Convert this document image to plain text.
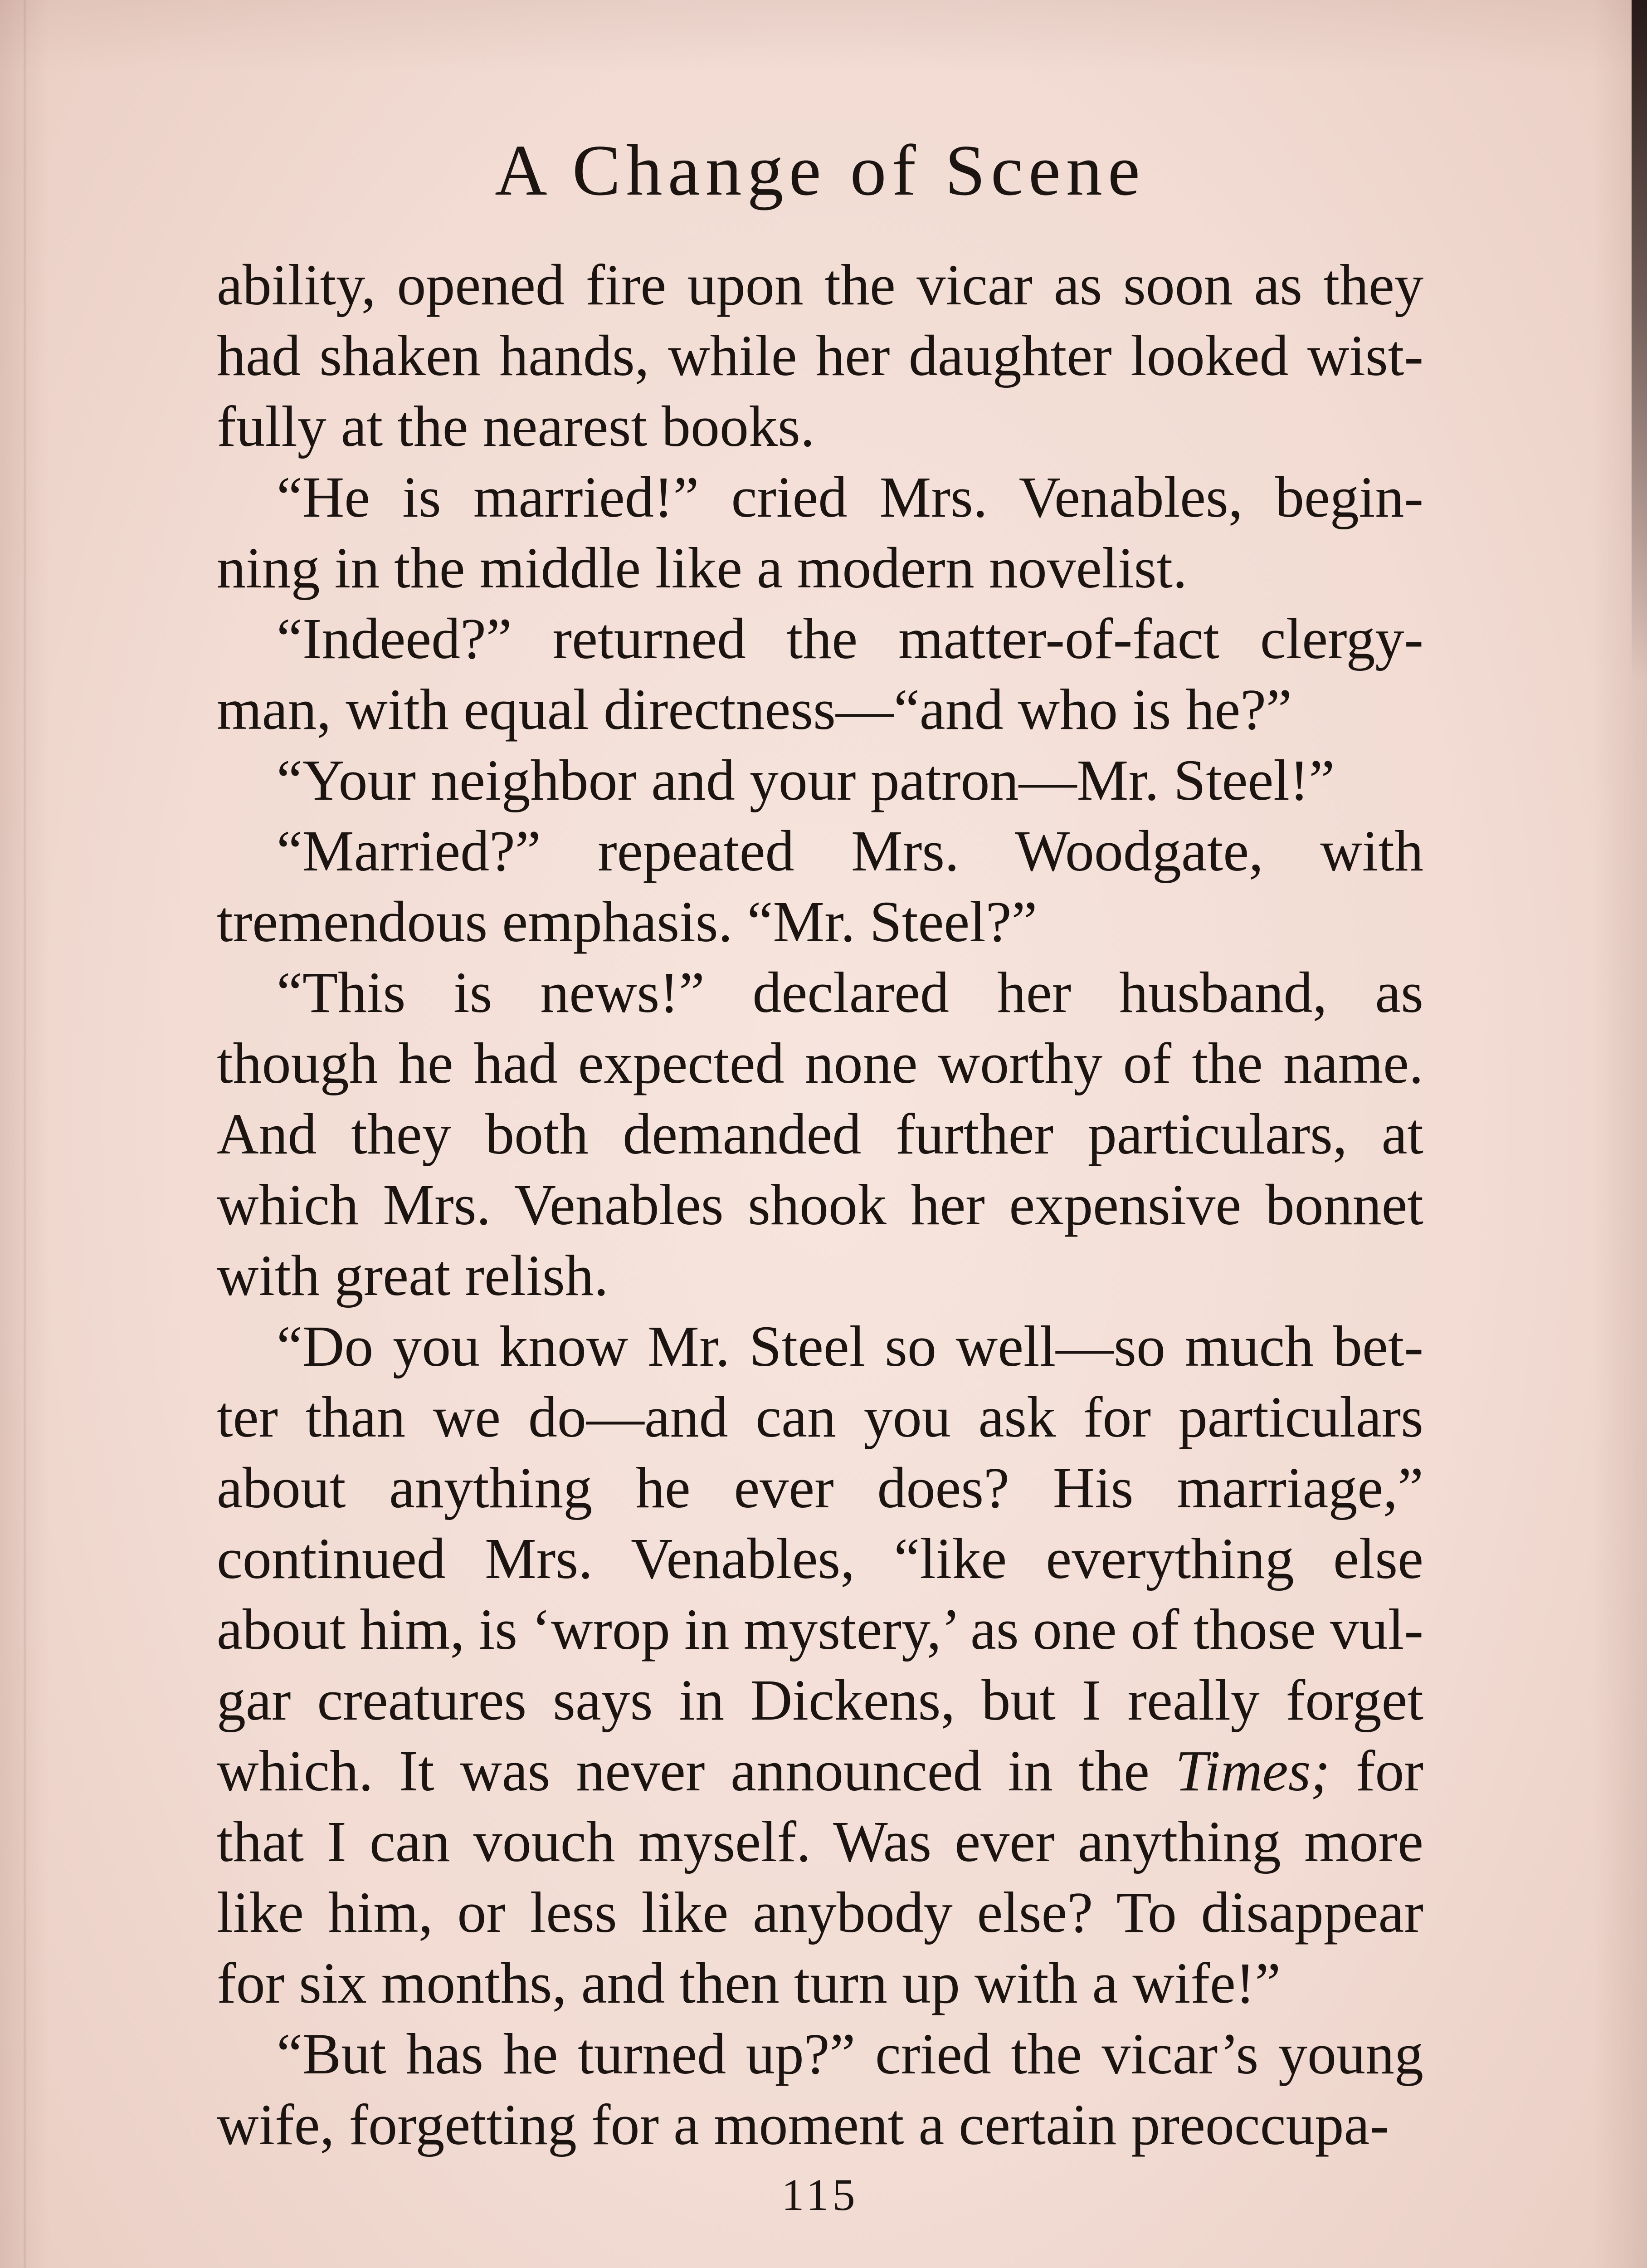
A Change of Scene
ability, opened fire upon the vicar as soon as they
had shaken hands, while her daughter looked wist-
fully at the nearest books.
“He is married!” cried Mrs. Venables, begin-
ning in the middle like a modern novelist.
“Indeed?” returned the matter-of-fact clergy-
man, with equal directness—“and who is he?”
“Your neighbor and your patron—Mr. Steel!”
“Married?” repeated Mrs. Woodgate, with
tremendous emphasis. “Mr. Steel?”
“This is news!” declared her husband, as
though he had expected none worthy of the name.
And they both demanded further particulars, at
which Mrs. Venables shook her expensive bonnet
with great relish.
“Do you know Mr. Steel so well—so much bet-
ter than we do—and can you ask for particulars
about anything he ever does? His marriage,”
continued Mrs. Venables, “like everything else
about him, is ‘wrop in mystery,’ as one of those vul-
gar creatures says in Dickens, but I really forget
which. It was never announced in the Times; for
that I can vouch myself. Was ever anything more
like him, or less like anybody else? To disappear
for six months, and then turn up with a wife!”
“But has he turned up?” cried the vicar’s young
wife, forgetting for a moment a certain preoccupa-
115
